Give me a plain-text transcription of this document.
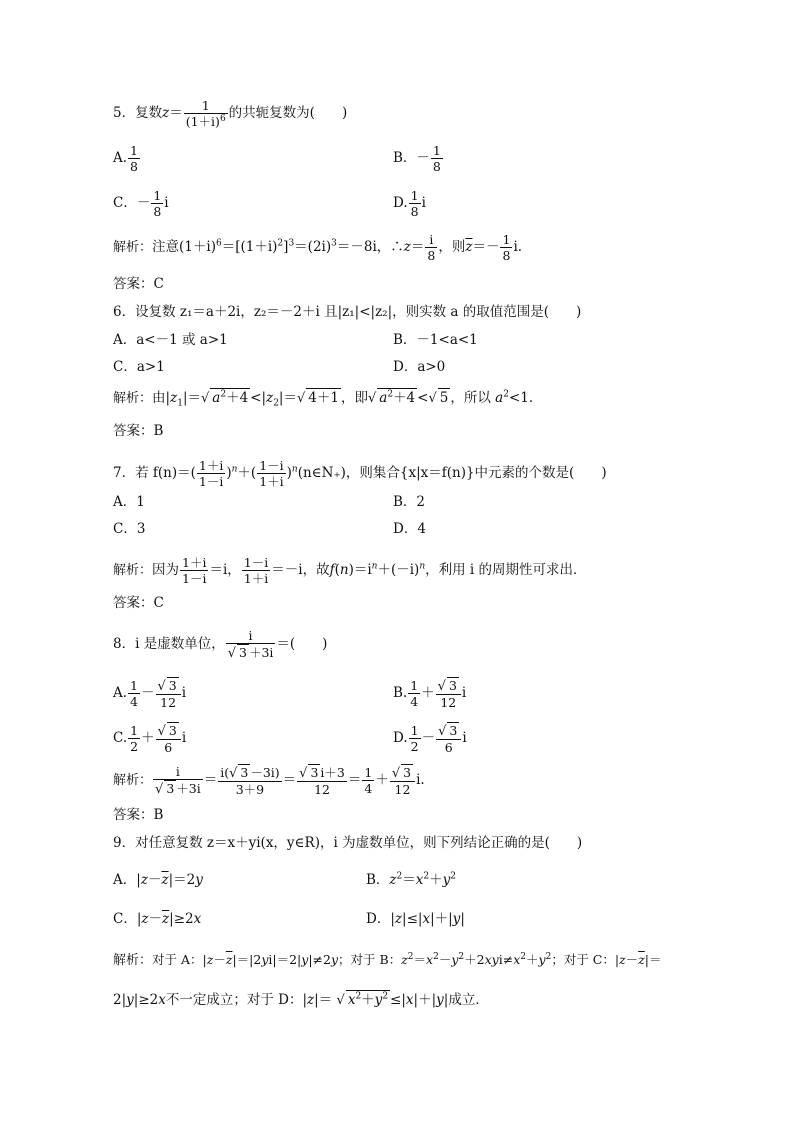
5．复数$z= \frac{1}{(1+i)^6}$ 的共轭复数为(　　)
A. $\frac{1}{8}$	B．－ $\frac{1}{8}$
C．－ $\frac{1}{8}$ i	D. $\frac{1}{8}$ i
解析：注意$(1+i)^6=[(1+i)^2]^3=(2i)^3=-8i$，∴z＝ $\frac{i}{8}$ ，则$\overline{z}=- \frac{1}{8} i$.
答案：C
6．设复数 z₁＝a＋2i，z₂＝－2＋i 且|z₁|<|z₂|，则实数 a 的取值范围是(　　)
A．a<－1 或 a>1	B．－1<a<1
C．a>1	D．a>0
解析：由$|z_1|=√$ $a^2+4 <|z_2|=√$ 4＋1 ，即√ $a^2+4$ <√ 5 ，所以 $a^2<1$.
答案：B
7．若 $f(n)=( \frac{1+i}{1-i} )^n+( \frac{1-i}{1+i}$ )$^n(n\in N_+)$，则集合{x|x＝f(n)}中元素的个数是(　　)
A．1	B．2
C．3	D．4
解析：因为 $\frac{1+i}{1-i} =i$， $\frac{1-i}{1+i} =-i$，故$f(n)=i^n+(-i)^n$，利用 i 的周期性可求出．
答案：C
8．i 是虚数单位， $\frac{i}{√ 3 +3i}$ ＝(　　)
A. $\frac{1}{4} - \frac{√ 3}{12}$ i	B. $\frac{1}{4} + \frac{√ 3}{12}$ i
C. $\frac{1}{2} + \frac{√ 3}{6}$ i	D. $\frac{1}{2} - \frac{√ 3}{6}$ i
解析： $\frac{i}{√ 3 +3i} = \frac{i(√ 3 -3i)}{3+9} = \frac{√ 3 i+3}{12} = \frac{1}{4} + \frac{√ 3}{12} i$.
答案：B
9．对任意复数 z＝x＋yi(x，y∈R)，i 为虚数单位，则下列结论正确的是(　　)
A．$|z-\overline{z}|=2y$	B．$z^2=x^2+y^2$
C．$|z-\overline{z}|\ge 2x$	D．|z|≤|x|＋|y|
解析：对于 A：$|z-\overline{z}|=|2yi|=2|y|\ne 2y$；对于 B：$z^2=x^2-y^2+2xyi\ne x^2+y^2$；对于 C：$|z-\overline{z}|=$
2|y|≥2x不一定成立；对于 D：|z|＝ √ $x^2+y^2 \le|x|+|y|$成立．
